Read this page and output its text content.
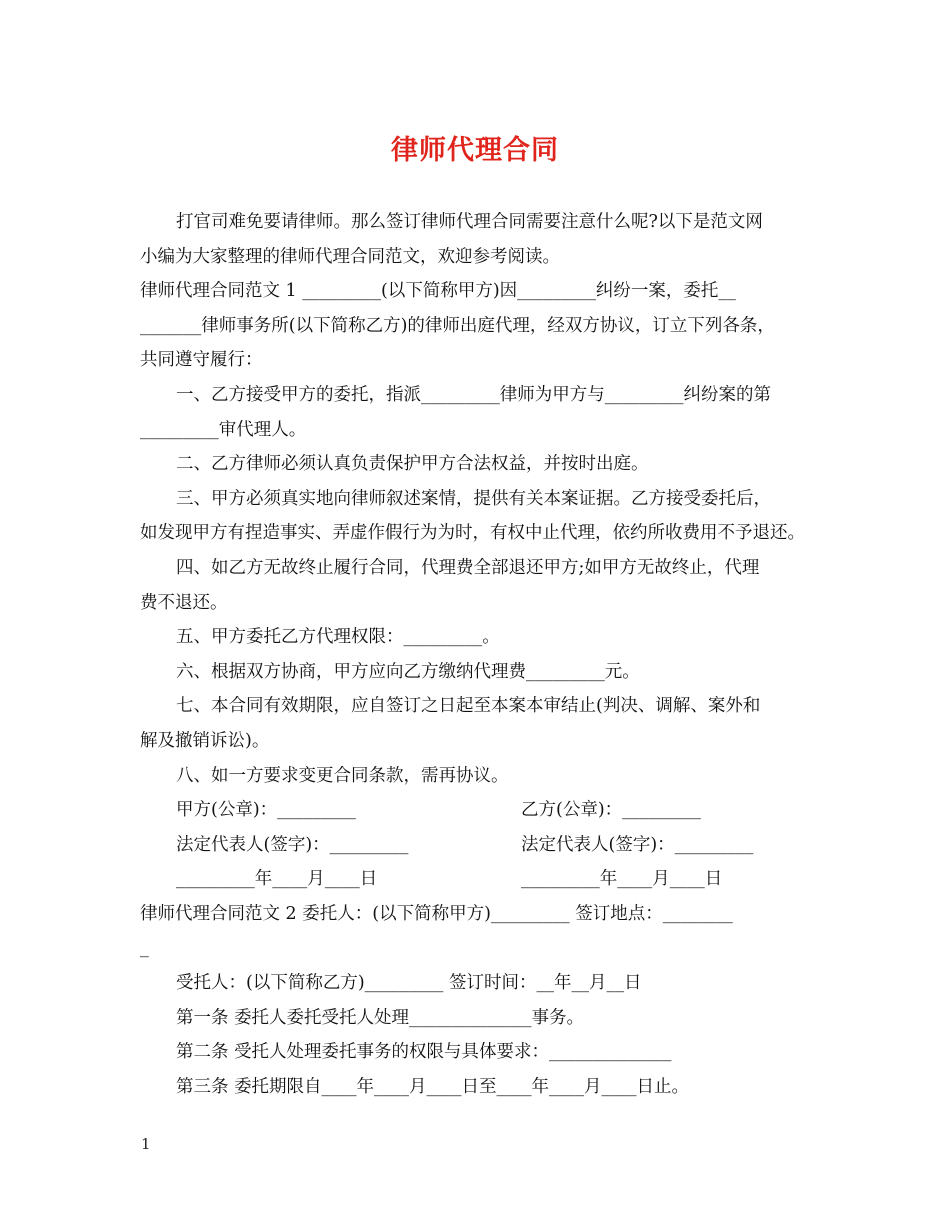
律师代理合同

打官司难免要请律师。那么签订律师代理合同需要注意什么呢?以下是范文网

小编为大家整理的律师代理合同范文，欢迎参考阅读。

律师代理合同范文 1 _________(以下简称甲方)因_________纠纷一案，委托__

_______律师事务所(以下简称乙方)的律师出庭代理，经双方协议，订立下列各条，

共同遵守履行：

一、乙方接受甲方的委托，指派_________律师为甲方与_________纠纷案的第

_________审代理人。

二、乙方律师必须认真负责保护甲方合法权益，并按时出庭。

三、甲方必须真实地向律师叙述案情，提供有关本案证据。乙方接受委托后，

如发现甲方有捏造事实、弄虚作假行为为时，有权中止代理，依约所收费用不予退还。

四、如乙方无故终止履行合同，代理费全部退还甲方;如甲方无故终止，代理

费不退还。

五、甲方委托乙方代理权限：_________。

六、根据双方协商，甲方应向乙方缴纳代理费_________元。

七、本合同有效期限，应自签订之日起至本案本审结止(判决、调解、案外和

解及撤销诉讼)。

八、如一方要求变更合同条款，需再协议。

甲方(公章)：_________	乙方(公章)：_________
法定代表人(签字)：_________	法定代表人(签字)：_________
_________年____月____日	_________年____月____日

律师代理合同范文 2 委托人：(以下简称甲方)_________ 签订地点：________

_

受托人：(以下简称乙方)_________ 签订时间：__年__月__日

第一条 委托人委托受托人处理______________事务。

第二条 受托人处理委托事务的权限与具体要求：______________

第三条 委托期限自____年____月____日至____年____月____日止。

1
